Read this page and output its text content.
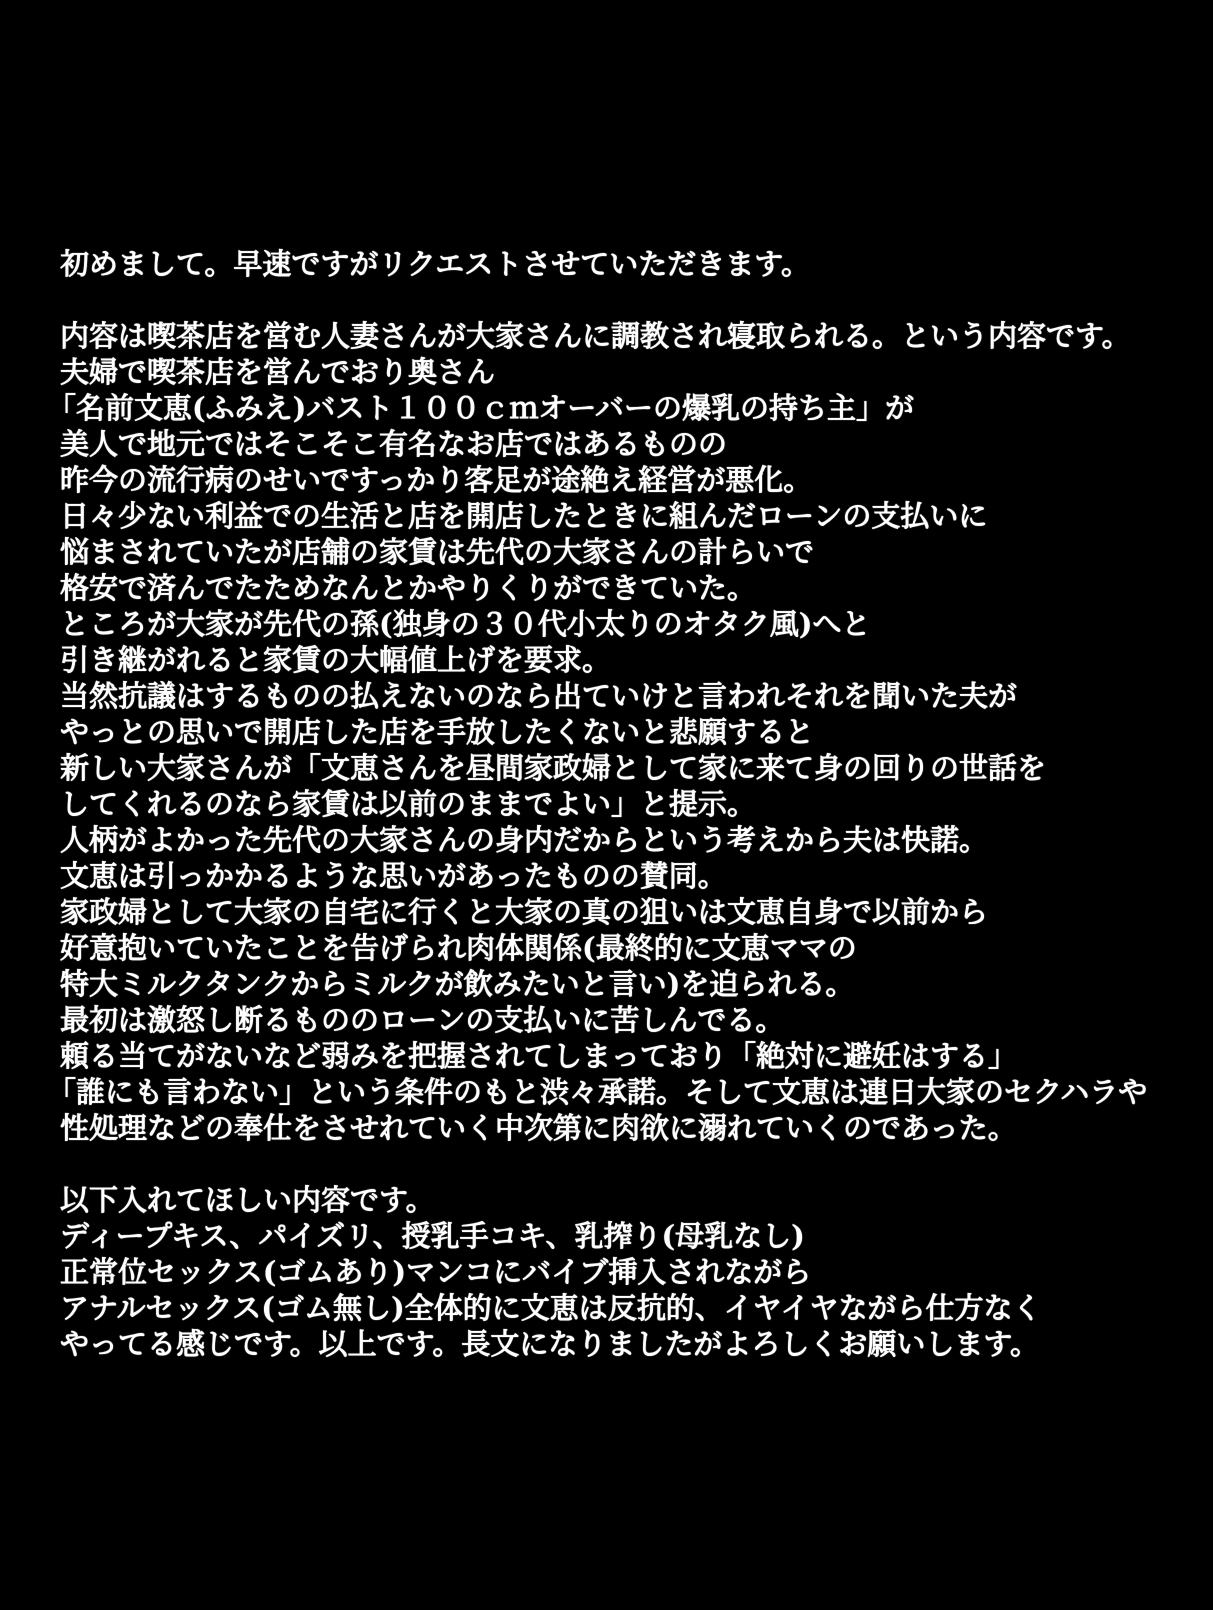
初めまして。早速ですがリクエストさせていただきます。
内容は喫茶店を営む人妻さんが大家さんに調教され寝取られる。という内容です。
夫婦で喫茶店を営んでおり奥さん
「名前文恵(ふみえ)バスト１００ｃｍオーバーの爆乳の持ち主」が
美人で地元ではそこそこ有名なお店ではあるものの
昨今の流行病のせいですっかり客足が途絶え経営が悪化。
日々少ない利益での生活と店を開店したときに組んだローンの支払いに
悩まされていたが店舗の家賃は先代の大家さんの計らいで
格安で済んでたためなんとかやりくりができていた。
ところが大家が先代の孫(独身の３０代小太りのオタク風)へと
引き継がれると家賃の大幅値上げを要求。
当然抗議はするものの払えないのなら出ていけと言われそれを聞いた夫が
やっとの思いで開店した店を手放したくないと悲願すると
新しい大家さんが「文恵さんを昼間家政婦として家に来て身の回りの世話を
してくれるのなら家賃は以前のままでよい」と提示。
人柄がよかった先代の大家さんの身内だからという考えから夫は快諾。
文恵は引っかかるような思いがあったものの賛同。
家政婦として大家の自宅に行くと大家の真の狙いは文恵自身で以前から
好意抱いていたことを告げられ肉体関係(最終的に文恵ママの
特大ミルクタンクからミルクが飲みたいと言い)を迫られる。
最初は激怒し断るもののローンの支払いに苦しんでる。
頼る当てがないなど弱みを把握されてしまっており「絶対に避妊はする」
「誰にも言わない」という条件のもと渋々承諾。そして文恵は連日大家のセクハラや
性処理などの奉仕をさせれていく中次第に肉欲に溺れていくのであった。
以下入れてほしい内容です。
ディープキス、パイズリ、授乳手コキ、乳搾り(母乳なし)
正常位セックス(ゴムあり)マンコにバイブ挿入されながら
アナルセックス(ゴム無し)全体的に文恵は反抗的、イヤイヤながら仕方なく
やってる感じです。以上です。長文になりましたがよろしくお願いします。
